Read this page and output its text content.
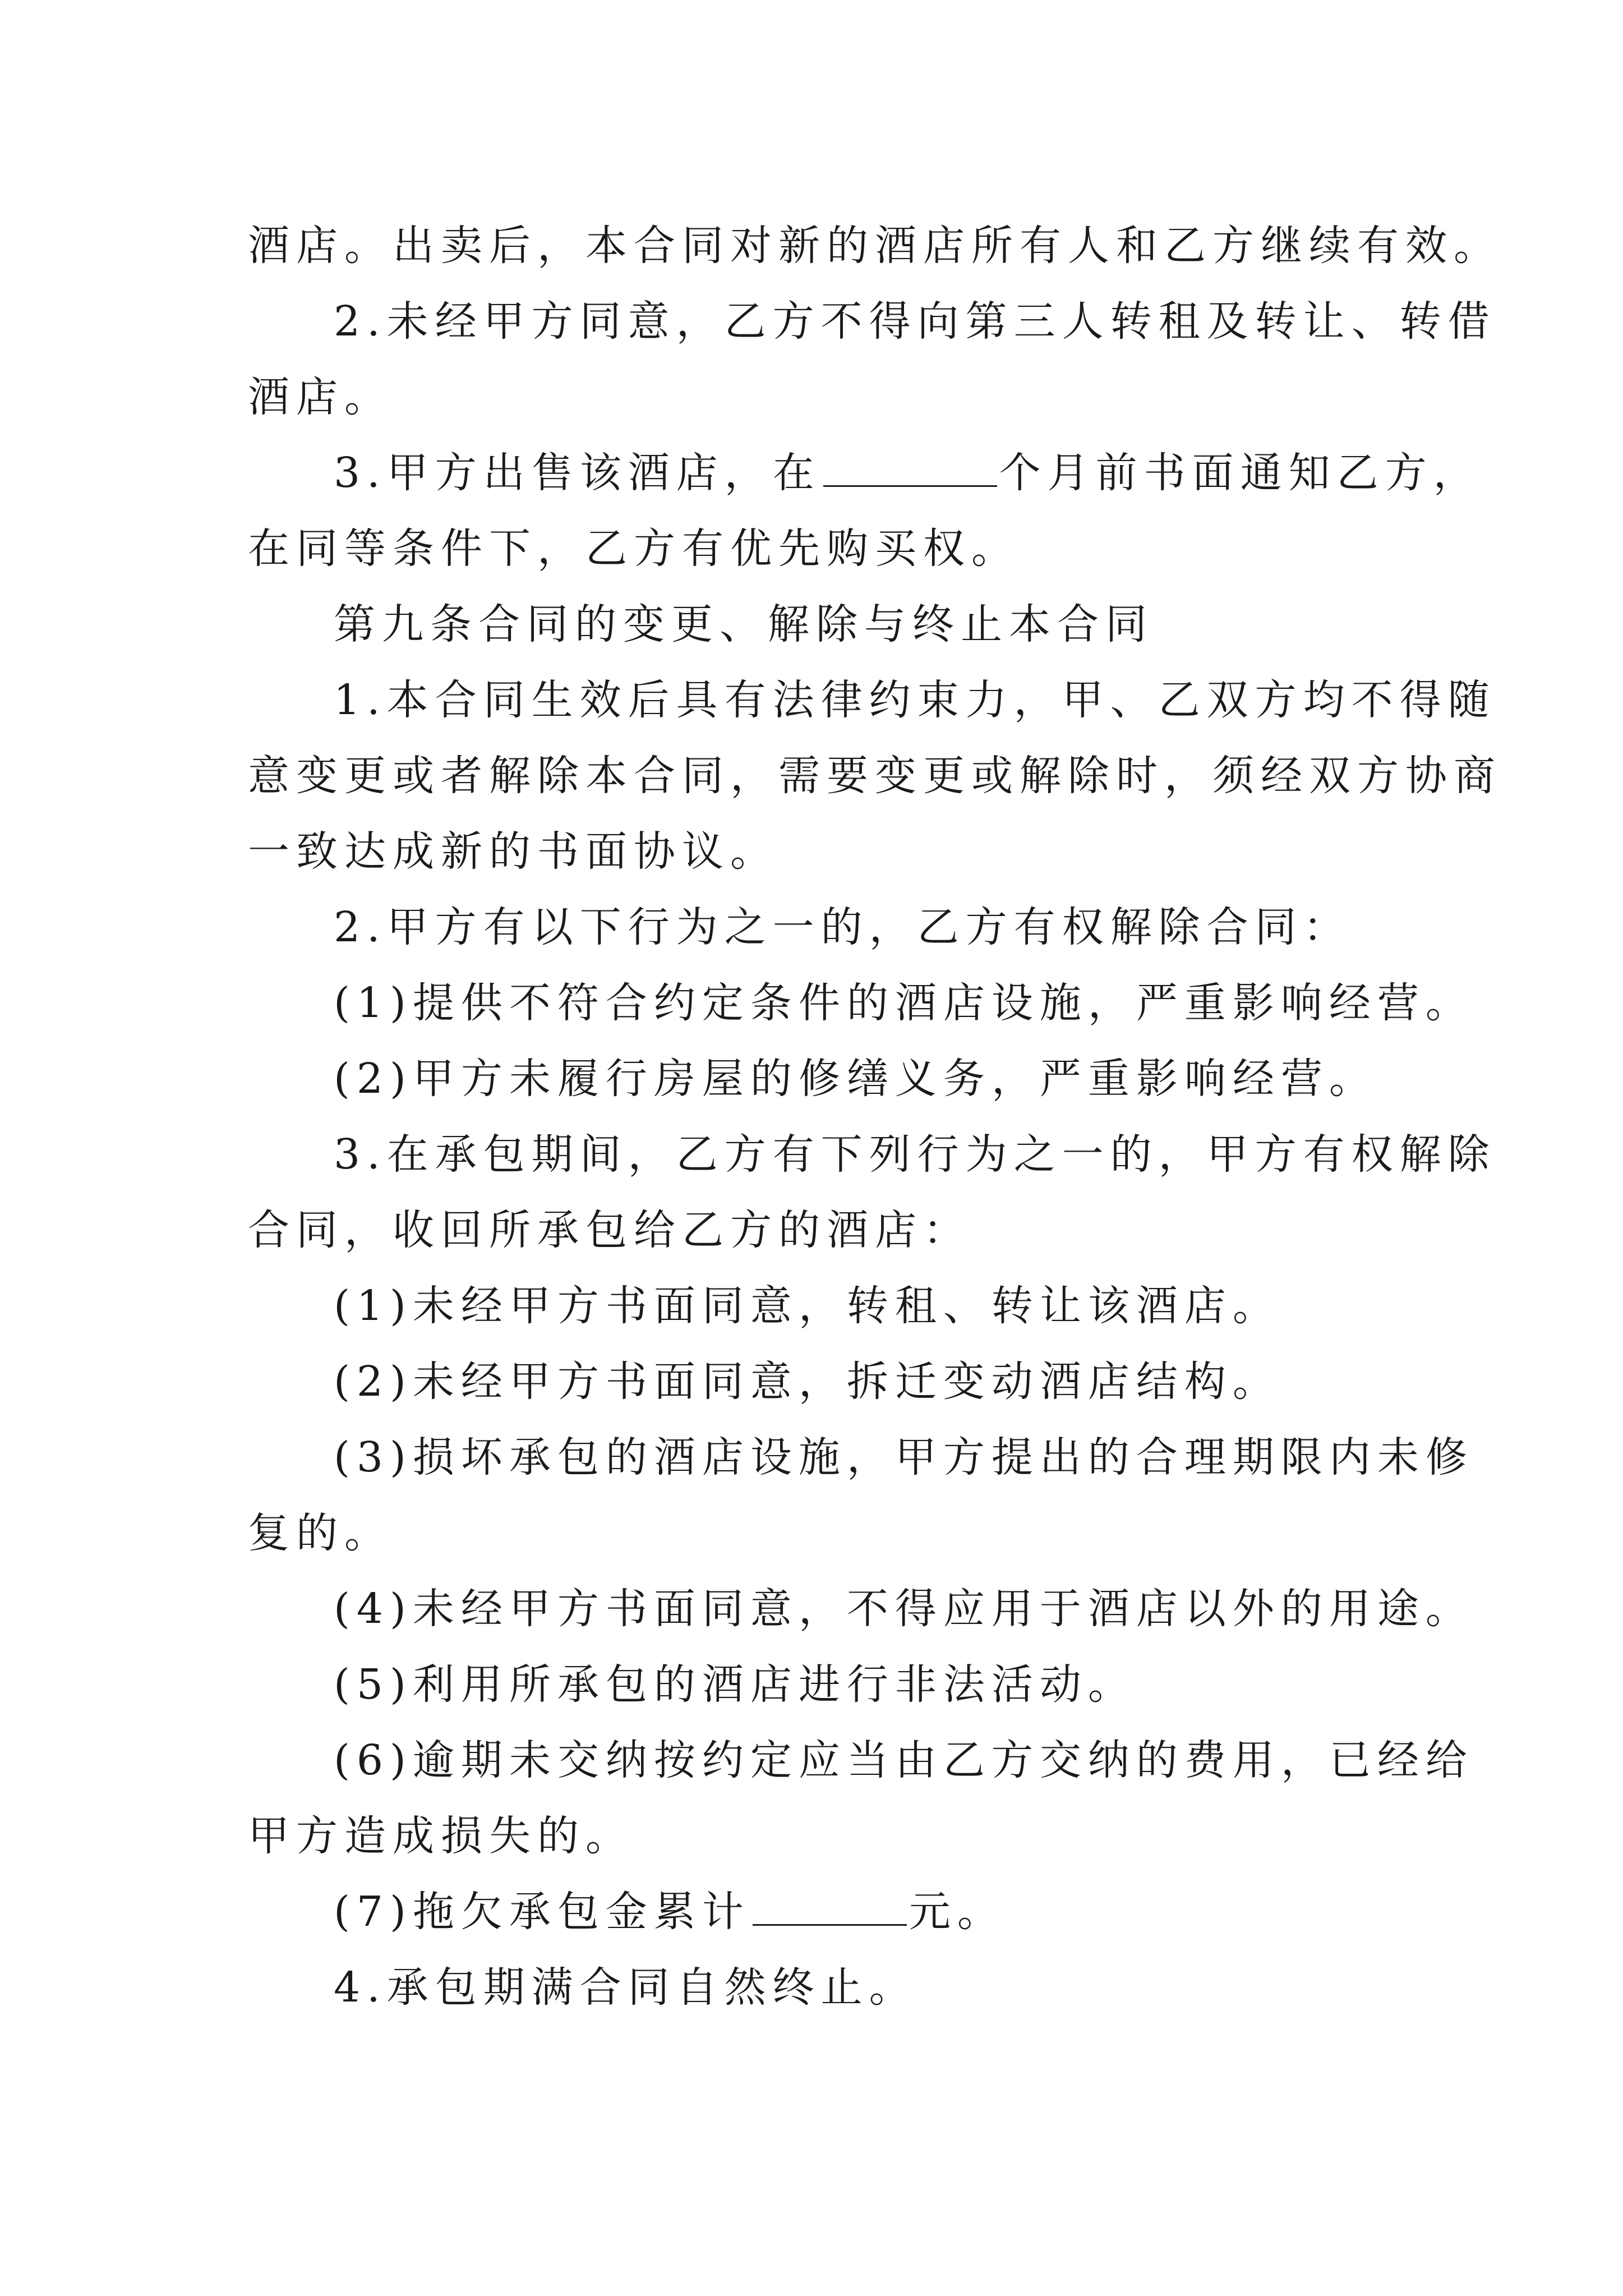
酒店。出卖后，本合同对新的酒店所有人和乙方继续有效。
2.未经甲方同意，乙方不得向第三人转租及转让、转借
酒店。
3.甲方出售该酒店，在	个月前书面通知乙方，
在同等条件下，乙方有优先购买权。
第九条合同的变更、解除与终止本合同
1.本合同生效后具有法律约束力，甲、乙双方均不得随
意变更或者解除本合同，需要变更或解除时，须经双方协商
一致达成新的书面协议。
2.甲方有以下行为之一的，乙方有权解除合同：
(1)提供不符合约定条件的酒店设施，严重影响经营。
(2)甲方未履行房屋的修缮义务，严重影响经营。
3.在承包期间，乙方有下列行为之一的，甲方有权解除
合同，收回所承包给乙方的酒店：
(1)未经甲方书面同意，转租、转让该酒店。
(2)未经甲方书面同意，拆迁变动酒店结构。
(3)损坏承包的酒店设施，甲方提出的合理期限内未修
复的。
(4)未经甲方书面同意，不得应用于酒店以外的用途。
(5)利用所承包的酒店进行非法活动。
(6)逾期未交纳按约定应当由乙方交纳的费用，已经给
甲方造成损失的。
(7)拖欠承包金累计	元。
4.承包期满合同自然终止。
